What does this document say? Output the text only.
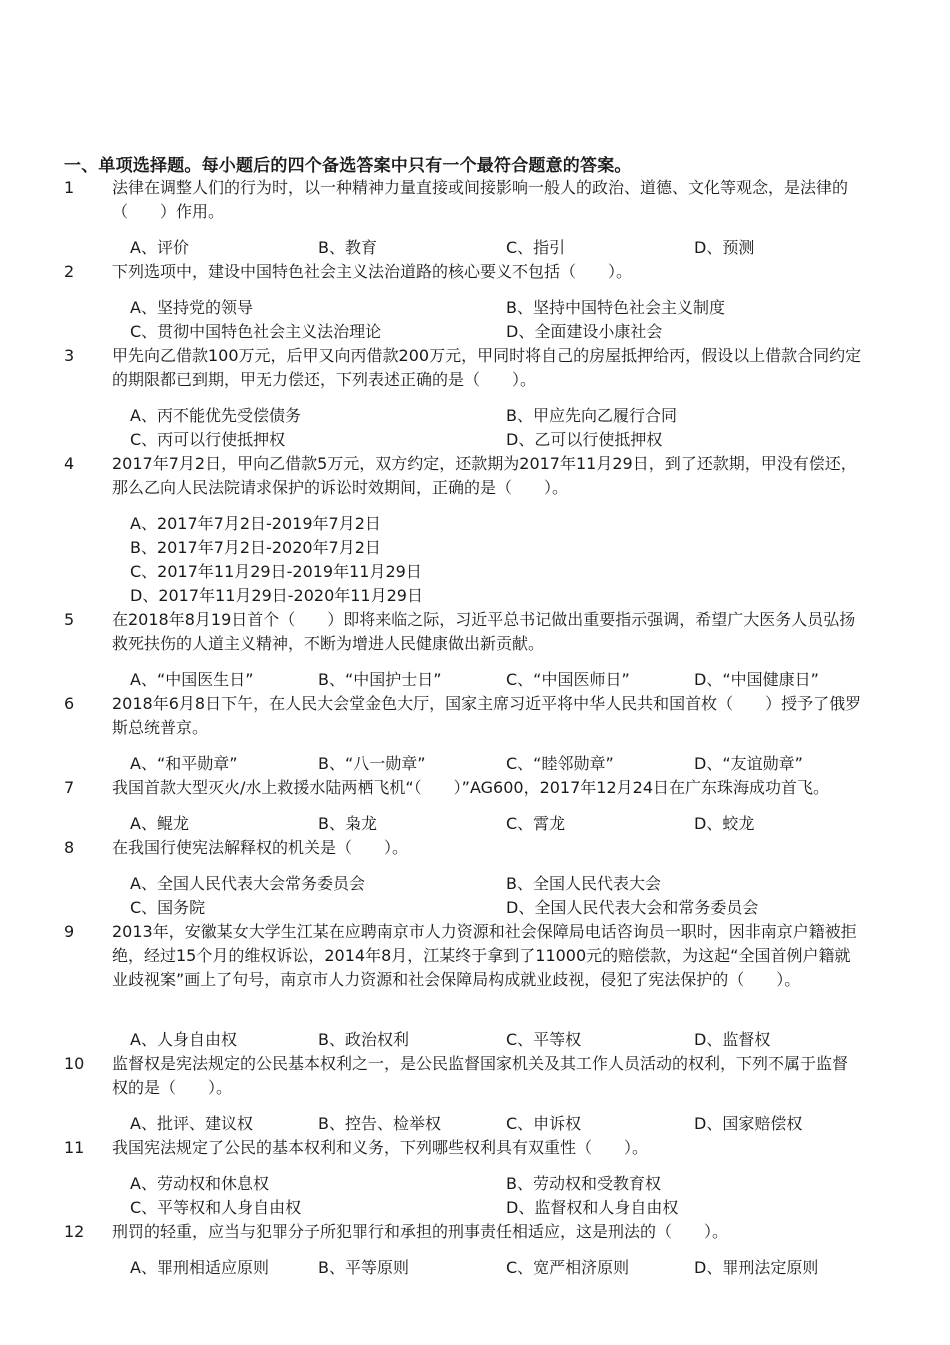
一、单项选择题。每小题后的四个备选答案中只有一个最符合题意的答案。
1 法律在调整人们的行为时，以一种精神力量直接或间接影响一般人的政治、道德、文化等观念，是法律的（　　）作用。
A、评价	B、教育	C、指引	D、预测
2 下列选项中，建设中国特色社会主义法治道路的核心要义不包括（　　）。
A、坚持党的领导	B、坚持中国特色社会主义制度
C、贯彻中国特色社会主义法治理论	D、全面建设小康社会
3 甲先向乙借款100万元，后甲又向丙借款200万元，甲同时将自己的房屋抵押给丙，假设以上借款合同约定的期限都已到期，甲无力偿还，下列表述正确的是（　　）。
A、丙不能优先受偿债务	B、甲应先向乙履行合同
C、丙可以行使抵押权	D、乙可以行使抵押权
4 2017年7月2日，甲向乙借款5万元，双方约定，还款期为2017年11月29日，到了还款期，甲没有偿还，那么乙向人民法院请求保护的诉讼时效期间，正确的是（　　）。
A、2017年7月2日-2019年7月2日
B、2017年7月2日-2020年7月2日
C、2017年11月29日-2019年11月29日
D、2017年11月29日-2020年11月29日
5 在2018年8月19日首个（　　）即将来临之际，习近平总书记做出重要指示强调，希望广大医务人员弘扬救死扶伤的人道主义精神，不断为增进人民健康做出新贡献。
A、“中国医生日”	B、“中国护士日”	C、“中国医师日”	D、“中国健康日”
6 2018年6月8日下午，在人民大会堂金色大厅，国家主席习近平将中华人民共和国首枚（　　）授予了俄罗斯总统普京。
A、“和平勋章”	B、“八一勋章”	C、“睦邻勋章”	D、“友谊勋章”
7 我国首款大型灭火/水上救援水陆两栖飞机“（　　）”AG600，2017年12月24日在广东珠海成功首飞。
A、鲲龙	B、枭龙	C、霄龙	D、蛟龙
8 在我国行使宪法解释权的机关是（　　）。
A、全国人民代表大会常务委员会	B、全国人民代表大会
C、国务院	D、全国人民代表大会和常务委员会
9 2013年，安徽某女大学生江某在应聘南京市人力资源和社会保障局电话咨询员一职时，因非南京户籍被拒绝，经过15个月的维权诉讼，2014年8月，江某终于拿到了11000元的赔偿款，为这起“全国首例户籍就业歧视案”画上了句号，南京市人力资源和社会保障局构成就业歧视，侵犯了宪法保护的（　　）。
A、人身自由权	B、政治权利	C、平等权	D、监督权
10 监督权是宪法规定的公民基本权利之一，是公民监督国家机关及其工作人员活动的权利，下列不属于监督权的是（　　）。
A、批评、建议权	B、控告、检举权	C、申诉权	D、国家赔偿权
11 我国宪法规定了公民的基本权利和义务，下列哪些权利具有双重性（　　）。
A、劳动权和休息权	B、劳动权和受教育权
C、平等权和人身自由权	D、监督权和人身自由权
12 刑罚的轻重，应当与犯罪分子所犯罪行和承担的刑事责任相适应，这是刑法的（　　）。
A、罪刑相适应原则	B、平等原则	C、宽严相济原则	D、罪刑法定原则
